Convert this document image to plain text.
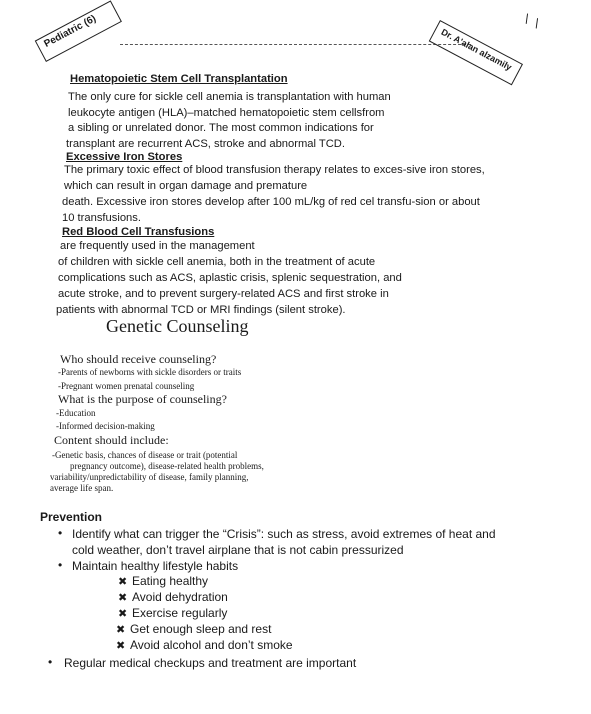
Pediatric (6)	Dr. A'alan alzamily
∖ ∖
Hematopoietic Stem Cell Transplantation
The only cure for sickle cell anemia is transplantation with human
leukocyte antigen (HLA)–matched hematopoietic stem cellsfrom
a sibling or unrelated donor. The most common indications for
transplant are recurrent ACS, stroke and abnormal TCD.
Excessive Iron Stores
The primary toxic effect of blood transfusion therapy relates to exces-sive iron stores,
which can result in organ damage and premature
death. Excessive iron stores develop after 100 mL/kg of red cel transfu-sion or about
10 transfusions.
Red Blood Cell Transfusions
are frequently used in the management
of children with sickle cell anemia, both in the treatment of acute
complications such as ACS, aplastic crisis, splenic sequestration, and
acute stroke, and to prevent surgery-related ACS and first stroke in
patients with abnormal TCD or MRI findings (silent stroke).
Genetic Counseling
Who should receive counseling?
-Parents of newborns with sickle disorders or traits
-Pregnant women prenatal counseling
What is the purpose of counseling?
-Education
-Informed decision-making
Content should include:
-Genetic basis, chances of disease or trait (potential
pregnancy outcome), disease-related health problems,
variability/unpredictability of disease, family planning,
average life span.
Prevention
• Identify what can trigger the “Crisis”: such as stress, avoid extremes of heat and
cold weather, don’t travel airplane that is not cabin pressurized
• Maintain healthy lifestyle habits
✖ Eating healthy
✖ Avoid dehydration
✖ Exercise regularly
✖ Get enough sleep and rest
✖ Avoid alcohol and don’t smoke
• Regular medical checkups and treatment are important
